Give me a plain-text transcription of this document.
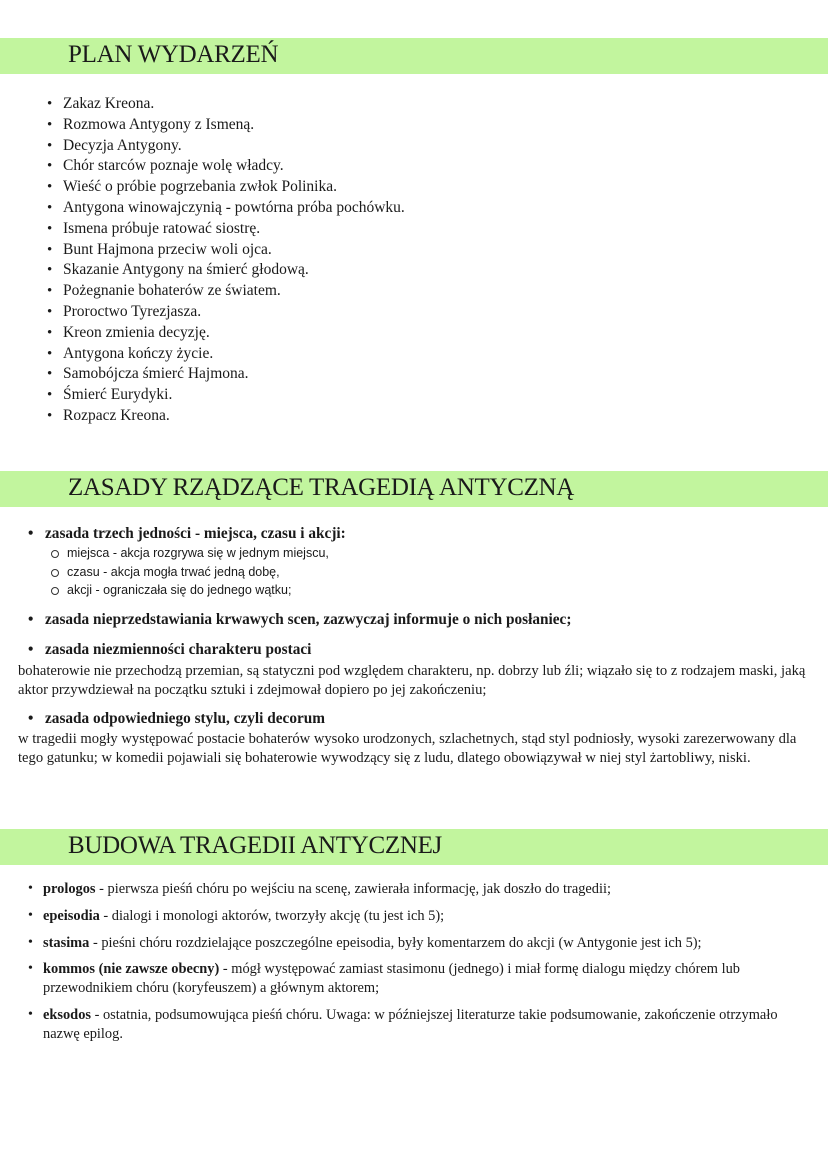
PLAN WYDARZEŃ
• Zakaz Kreona.
• Rozmowa Antygony z Ismeną.
• Decyzja Antygony.
• Chór starców poznaje wolę władcy.
• Wieść o próbie pogrzebania zwłok Polinika.
• Antygona winowajczynią - powtórna próba pochówku.
• Ismena próbuje ratować siostrę.
• Bunt Hajmona przeciw woli ojca.
• Skazanie Antygony na śmierć głodową.
• Pożegnanie bohaterów ze światem.
• Proroctwo Tyrezjasza.
• Kreon zmienia decyzję.
• Antygona kończy życie.
• Samobójcza śmierć Hajmona.
• Śmierć Eurydyki.
• Rozpacz Kreona.
ZASADY RZĄDZĄCE TRAGEDIĄ ANTYCZNĄ
• zasada trzech jedności - miejsca, czasu i akcji:
miejsca - akcja rozgrywa się w jednym miejscu,
czasu - akcja mogła trwać jedną dobę,
akcji - ograniczała się do jednego wątku;
• zasada nieprzedstawiania krwawych scen, zazwyczaj informuje o nich posłaniec;
• zasada niezmienności charakteru postaci
bohaterowie nie przechodzą przemian, są statyczni pod względem charakteru, np. dobrzy lub źli; wiązało się to z rodzajem maski, jaką aktor przywdziewał na początku sztuki i zdejmował dopiero po jej zakończeniu;
• zasada odpowiedniego stylu, czyli decorum
w tragedii mogły występować postacie bohaterów wysoko urodzonych, szlachetnych, stąd styl podniosły, wysoki zarezerwowany dla tego gatunku; w komedii pojawiali się bohaterowie wywodzący się z ludu, dlatego obowiązywał w niej styl żartobliwy, niski.
BUDOWA TRAGEDII ANTYCZNEJ
• prologos - pierwsza pieśń chóru po wejściu na scenę, zawierała informację, jak doszło do tragedii;
• epeisodia - dialogi i monologi aktorów, tworzyły akcję (tu jest ich 5);
• stasima - pieśni chóru rozdzielające poszczególne epeisodia, były komentarzem do akcji (w Antygonie jest ich 5);
• kommos (nie zawsze obecny) - mógł występować zamiast stasimonu (jednego) i miał formę dialogu między chórem lub przewodnikiem chóru (koryfeuszem) a głównym aktorem;
• eksodos - ostatnia, podsumowująca pieśń chóru. Uwaga: w późniejszej literaturze takie podsumowanie, zakończenie otrzymało nazwę epilog.
